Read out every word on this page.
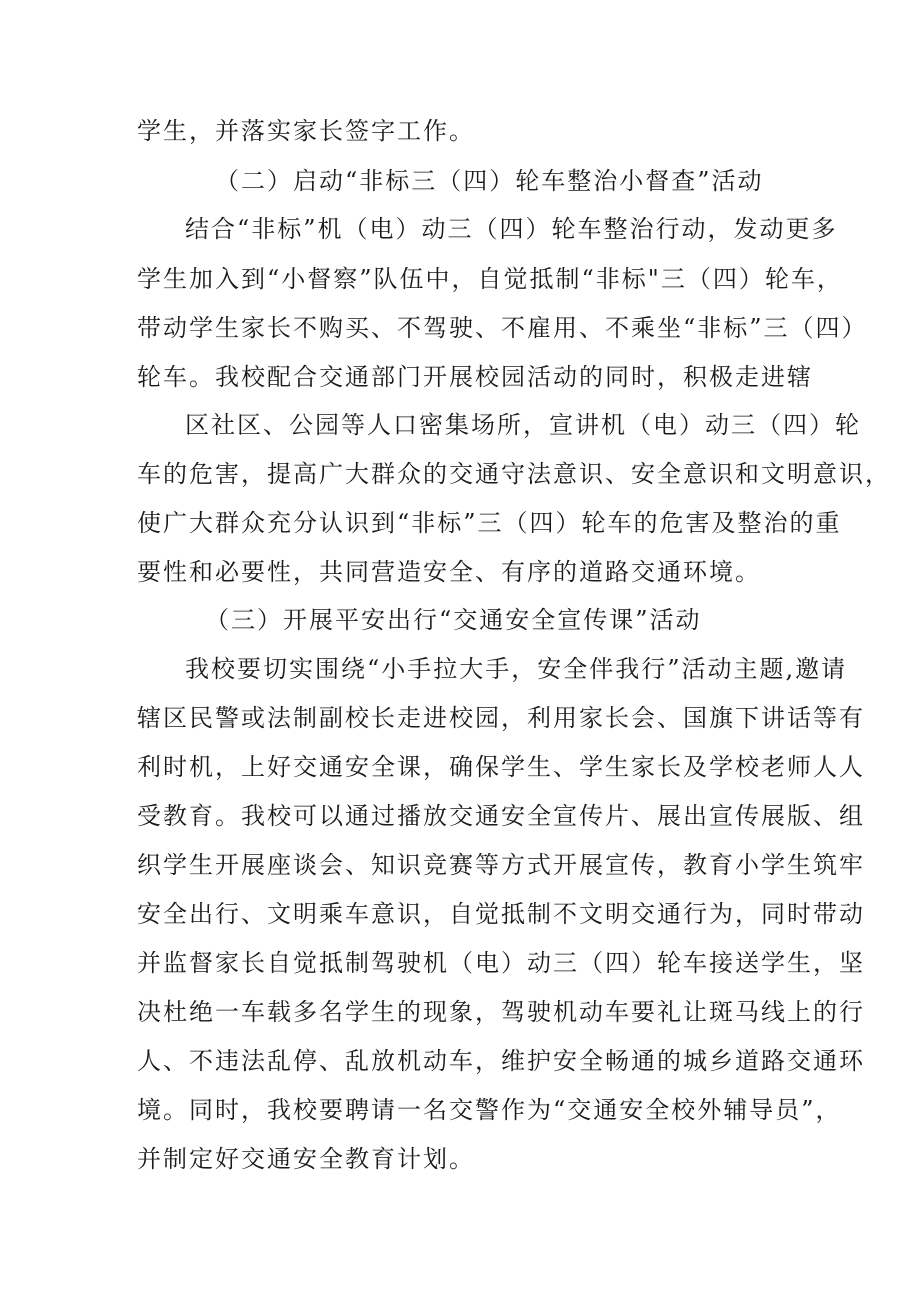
学生，并落实家长签字工作。
（二）启动“非标三（四）轮车整治小督查”活动
结合“非标”机（电）动三（四）轮车整治行动，发动更多
学生加入到“小督察”队伍中，自觉抵制“非标"三（四）轮车，
带动学生家长不购买、不驾驶、不雇用、不乘坐“非标”三（四）
轮车。我校配合交通部门开展校园活动的同时，积极走进辖
区社区、公园等人口密集场所，宣讲机（电）动三（四）轮
车的危害，提高广大群众的交通守法意识、安全意识和文明意识，
使广大群众充分认识到“非标”三（四）轮车的危害及整治的重
要性和必要性，共同营造安全、有序的道路交通环境。
（三）开展平安出行“交通安全宣传课”活动
我校要切实围绕“小手拉大手，安全伴我行”活动主题,邀请
辖区民警或法制副校长走进校园，利用家长会、国旗下讲话等有
利时机，上好交通安全课，确保学生、学生家长及学校老师人人
受教育。我校可以通过播放交通安全宣传片、展出宣传展版、组
织学生开展座谈会、知识竞赛等方式开展宣传，教育小学生筑牢
安全出行、文明乘车意识，自觉抵制不文明交通行为，同时带动
并监督家长自觉抵制驾驶机（电）动三（四）轮车接送学生，坚
决杜绝一车载多名学生的现象，驾驶机动车要礼让斑马线上的行
人、不违法乱停、乱放机动车，维护安全畅通的城乡道路交通环
境。同时，我校要聘请一名交警作为“交通安全校外辅导员”，
并制定好交通安全教育计划。
